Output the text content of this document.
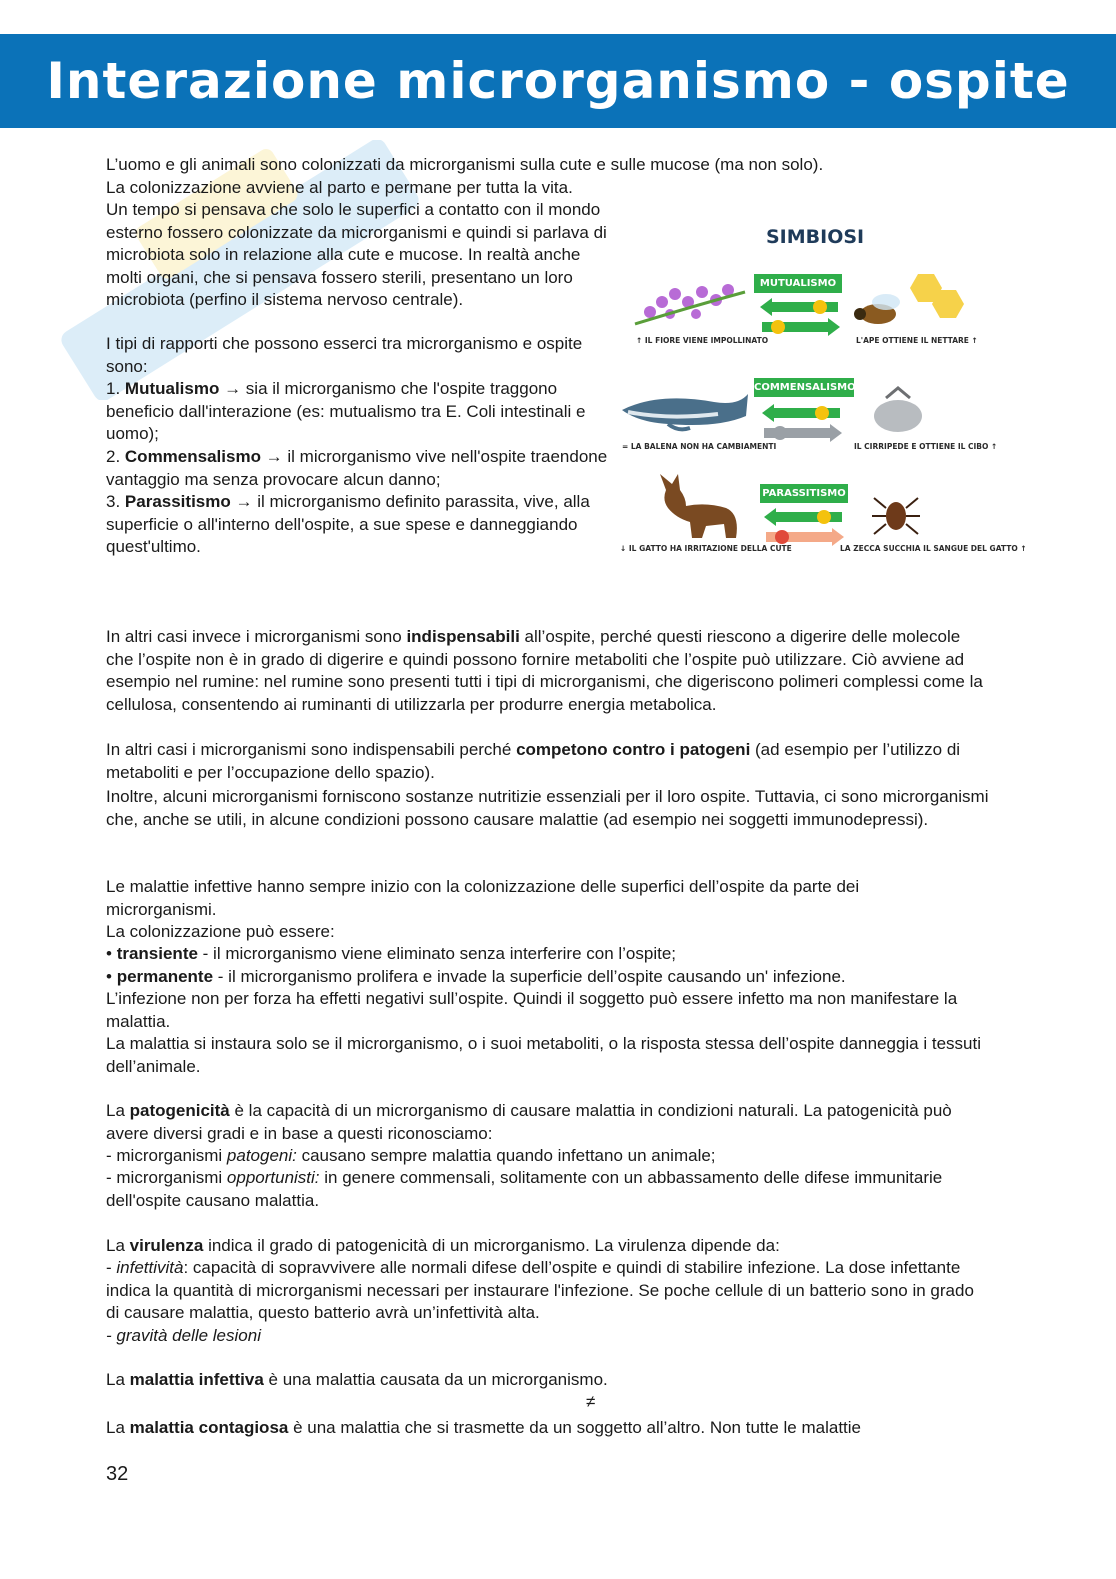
Interazione microrganismo - ospite

L’uomo e gli animali sono colonizzati da microrganismi sulla cute e sulle mucose (ma non solo).

La colonizzazione avviene al parto e permane per tutta la vita.

Un tempo si pensava che solo le superfici a contatto con il mondo esterno fossero colonizzate da microrganismi e quindi si parlava di microbiota solo in relazione alla cute e mucose. In realtà anche molti organi, che si pensava fossero sterili, presentano un loro microbiota (perfino il sistema nervoso centrale).

I tipi di rapporti che possono esserci tra microrganismo e ospite sono:

1. Mutualismo → sia il microrganismo che l'ospite traggono beneficio dall'interazione (es: mutualismo tra E. Coli intestinali e uomo);

2. Commensalismo → il microrganismo vive nell'ospite traendone vantaggio ma senza provocare alcun danno;

3. Parassitismo → il microrganismo definito parassita, vive, alla superficie o all'interno dell'ospite, a sue spese e danneggiando quest'ultimo.

SIMBIOSI
MUTUALISMO
↑ IL FIORE VIENE IMPOLLINATO	L'APE OTTIENE IL NETTARE ↑
COMMENSALISMO
= LA BALENA NON HA CAMBIAMENTI	IL CIRRIPEDE E OTTIENE IL CIBO ↑
PARASSITISMO
↓ IL GATTO HA IRRITAZIONE DELLA CUTE	LA ZECCA SUCCHIA IL SANGUE DEL GATTO ↑

In altri casi invece i microrganismi sono indispensabili all’ospite, perché questi riescono a digerire delle molecole che l’ospite non è in grado di digerire e quindi possono fornire metaboliti che l’ospite può utilizzare. Ciò avviene ad esempio nel rumine: nel rumine sono presenti tutti i tipi di microrganismi, che digeriscono polimeri complessi come la cellulosa, consentendo ai ruminanti di utilizzarla per produrre energia metabolica.

In altri casi i microrganismi sono indispensabili perché competono contro i patogeni (ad esempio per l’utilizzo di metaboliti e per l’occupazione dello spazio).

Inoltre, alcuni microrganismi forniscono sostanze nutritizie essenziali per il loro ospite. Tuttavia, ci sono microrganismi che, anche se utili, in alcune condizioni possono causare malattie (ad esempio nei soggetti immunodepressi).

Le malattie infettive hanno sempre inizio con la colonizzazione delle superfici dell’ospite da parte dei microrganismi.

La colonizzazione può essere:

• transiente - il microrganismo viene eliminato senza interferire con l’ospite;

• permanente - il microrganismo prolifera e invade la superficie dell’ospite causando un' infezione.

L’infezione non per forza ha effetti negativi sull’ospite. Quindi il soggetto può essere infetto ma non manifestare la malattia.

La malattia si instaura solo se il microrganismo, o i suoi metaboliti, o la risposta stessa dell’ospite danneggia i tessuti dell’animale.

La patogenicità è la capacità di un microrganismo di causare malattia in condizioni naturali. La patogenicità può avere diversi gradi e in base a questi riconosciamo:

- microrganismi patogeni: causano sempre malattia quando infettano un animale;

- microrganismi opportunisti: in genere commensali, solitamente con un abbassamento delle difese immunitarie dell'ospite causano malattia.

La virulenza indica il grado di patogenicità di un microrganismo. La virulenza dipende da:

- infettività: capacità di sopravvivere alle normali difese dell’ospite e quindi di stabilire infezione. La dose infettante indica la quantità di microrganismi necessari per instaurare l'infezione. Se poche cellule di un batterio sono in grado di causare malattia, questo batterio avrà un’infettività alta.

- gravità delle lesioni

La malattia infettiva è una malattia causata da un microrganismo.

≠

La malattia contagiosa è una malattia che si trasmette da un soggetto all’altro. Non tutte le malattie

32
